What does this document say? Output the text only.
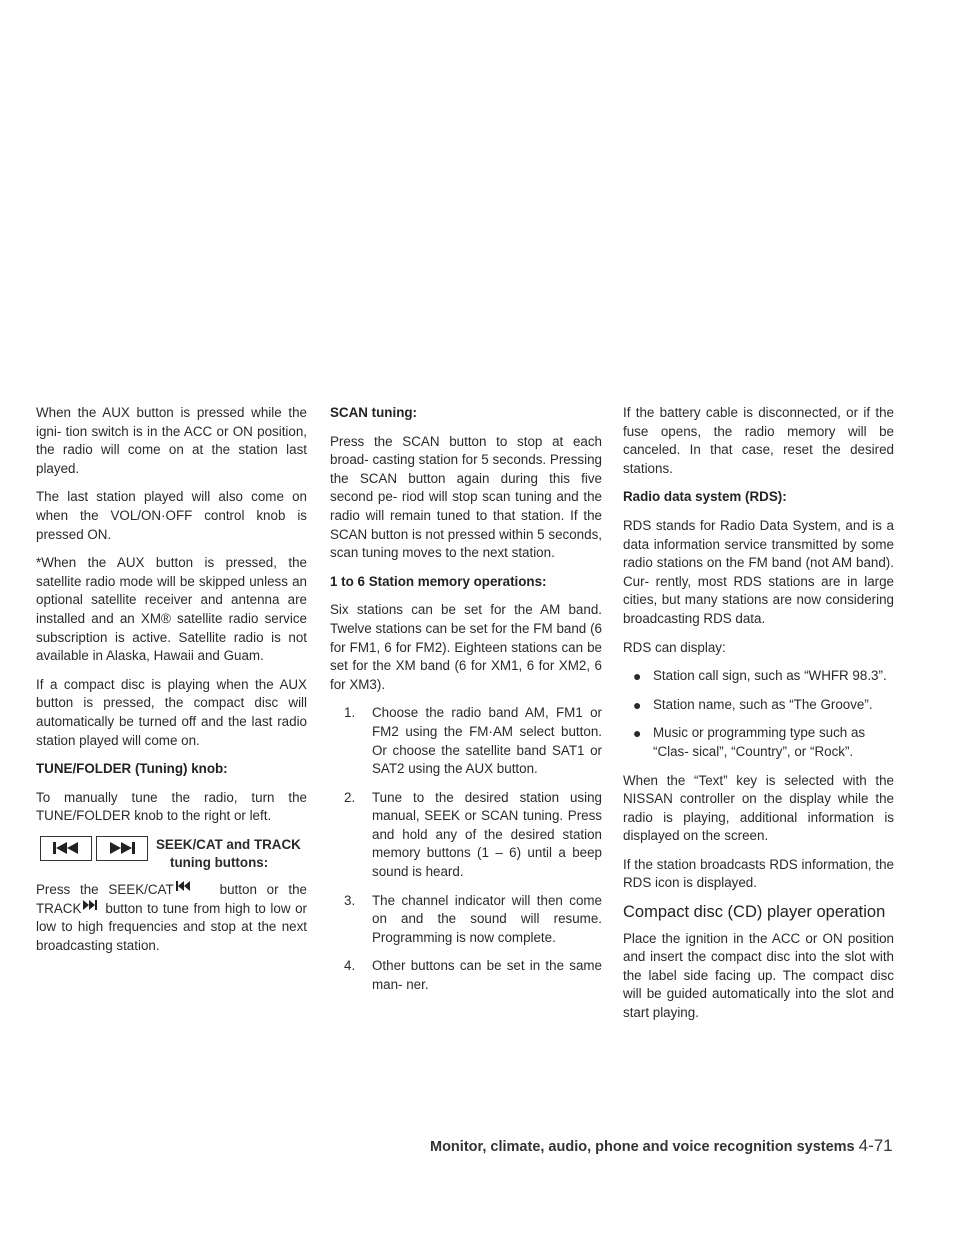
When the AUX button is pressed while the igni- tion switch is in the ACC or ON position, the radio will come on at the station last played.

The last station played will also come on when the VOL/ON·OFF control knob is pressed ON.

*When the AUX button is pressed, the satellite radio mode will be skipped unless an optional satellite receiver and antenna are installed and an XM® satellite radio service subscription is active. Satellite radio is not available in Alaska, Hawaii and Guam.

If a compact disc is playing when the AUX button is pressed, the compact disc will automatically be turned off and the last radio station played will come on.

TUNE/FOLDER (Tuning) knob:

To manually tune the radio, turn the TUNE/FOLDER knob to the right or left.

SEEK/CAT and TRACK
tuning buttons:

Press the SEEK/CAT	button or the TRACK button to tune from high to low or low to high frequencies and stop at the next broadcasting station.

SCAN tuning:

Press the SCAN button to stop at each broad- casting station for 5 seconds. Pressing the SCAN button again during this five second pe- riod will stop scan tuning and the radio will remain tuned to that station. If the SCAN button is not pressed within 5 seconds, scan tuning moves to the next station.

1 to 6 Station memory operations:

Six stations can be set for the AM band. Twelve stations can be set for the FM band (6 for FM1, 6 for FM2). Eighteen stations can be set for the XM band (6 for XM1, 6 for XM2, 6 for XM3).

1. Choose the radio band AM, FM1 or FM2 using the FM·AM select button. Or choose the satellite band SAT1 or SAT2 using the AUX button.
2. Tune to the desired station using manual, SEEK or SCAN tuning. Press and hold any of the desired station memory buttons (1 – 6) until a beep sound is heard.
3. The channel indicator will then come on and the sound will resume. Programming is now complete.
4. Other buttons can be set in the same man- ner.

If the battery cable is disconnected, or if the fuse opens, the radio memory will be canceled. In that case, reset the desired stations.

Radio data system (RDS):

RDS stands for Radio Data System, and is a data information service transmitted by some radio stations on the FM band (not AM band). Cur- rently, most RDS stations are in large cities, but many stations are now considering broadcasting RDS data.

RDS can display:

● Station call sign, such as “WHFR 98.3”.
● Station name, such as “The Groove”.
● Music or programming type such as “Clas- sical”, “Country”, or “Rock”.

When the “Text” key is selected with the NISSAN controller on the display while the radio is playing, additional information is displayed on the screen.

If the station broadcasts RDS information, the RDS icon is displayed.

Compact disc (CD) player operation

Place the ignition in the ACC or ON position and insert the compact disc into the slot with the label side facing up. The compact disc will be guided automatically into the slot and start playing.

Monitor, climate, audio, phone and voice recognition systems 4-71
